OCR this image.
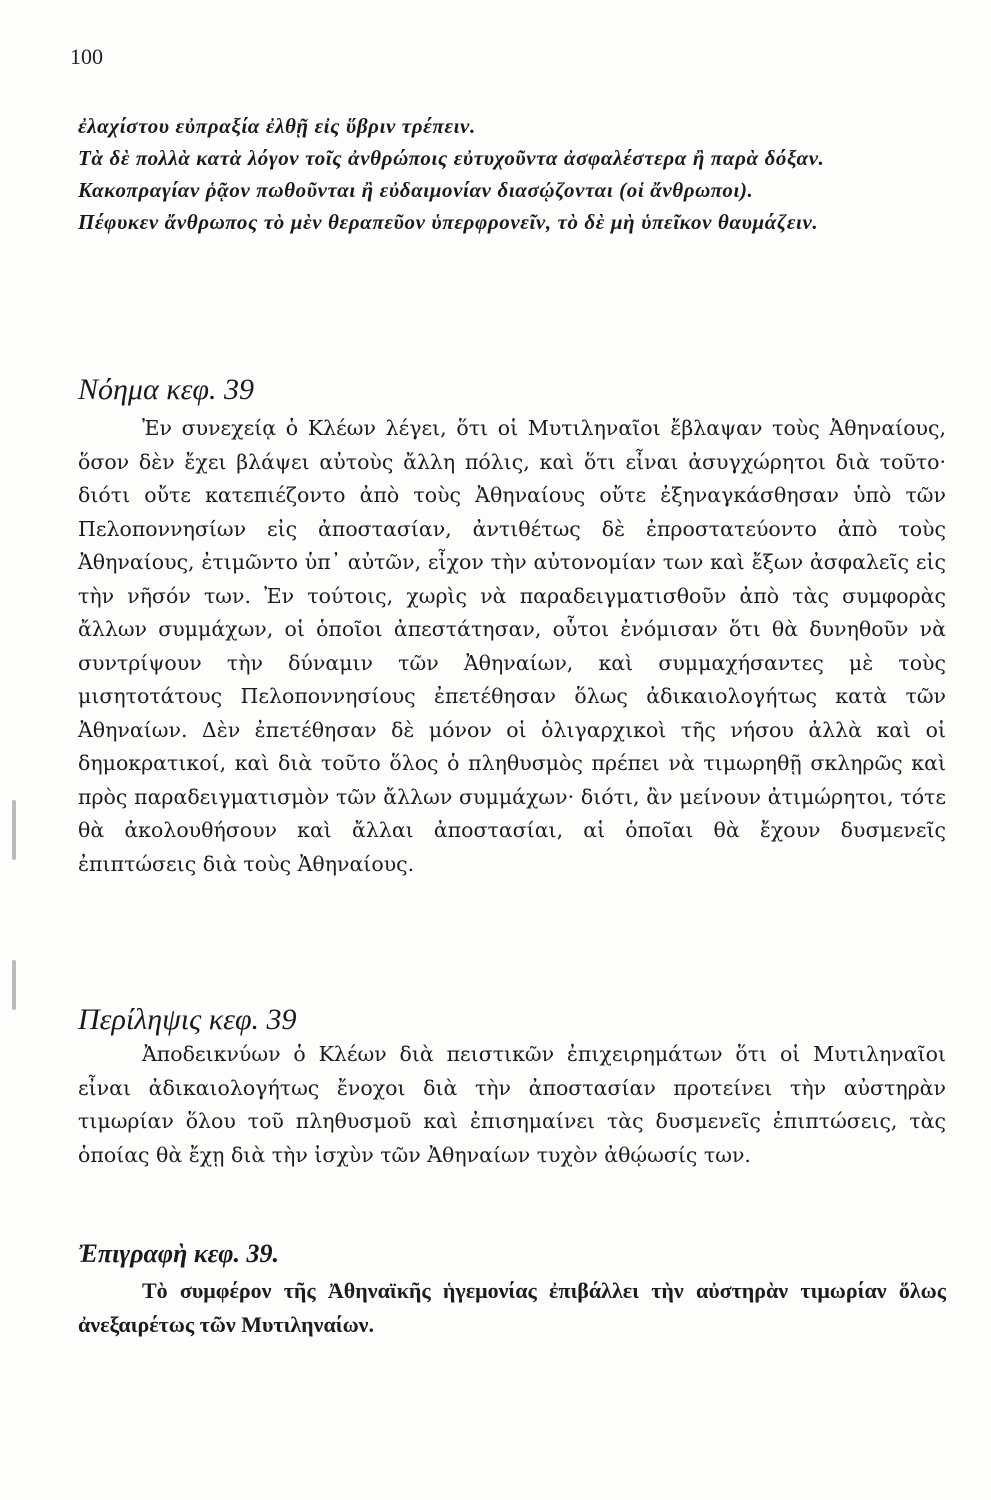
100
ἐλαχίστου εὐπραξία ἐλθῇ εἰς ὕβριν τρέπειν.
Τὰ δὲ πολλὰ κατὰ λόγον τοῖς ἀνθρώποις εὐτυχοῦντα ἀσφαλέστερα ἢ παρὰ δόξαν.
Κακοπραγίαν ῥᾷον πωθοῦνται ἢ εὐδαιμονίαν διασῴζονται (οἱ ἄνθρωποι).
Πέφυκεν ἄνθρωπος τὸ μὲν θεραπεῦον ὑπερφρονεῖν, τὸ δὲ μὴ ὑπεῖκον θαυμάζειν.
Νόημα κεφ. 39

Ἐν συνεχείᾳ ὁ Κλέων λέγει, ὅτι οἱ Μυτιληναῖοι ἔβλαψαν τοὺς Ἀθηναίους, ὅσον δὲν ἔχει βλάψει αὐτοὺς ἄλλη πόλις, καὶ ὅτι εἶναι ἀσυγχώρητοι διὰ τοῦτο· διότι οὔτε κατεπιέζοντο ἀπὸ τοὺς Ἀθηναίους οὔτε ἐξηναγκάσθησαν ὑπὸ τῶν Πελοποννησίων εἰς ἀποστασίαν, ἀντιθέτως δὲ ἐπροστατεύοντο ἀπὸ τοὺς Ἀθηναίους, ἐτιμῶντο ὑπ᾽ αὐτῶν, εἶχον τὴν αὐτονομίαν των καὶ ἔξων ἀσφαλεῖς εἰς τὴν νῆσόν των. Ἐν τούτοις, χωρὶς νὰ παραδειγματισθοῦν ἀπὸ τὰς συμφορὰς ἄλλων συμμάχων, οἱ ὁποῖοι ἀπεστάτησαν, οὗτοι ἐνόμισαν ὅτι θὰ δυνηθοῦν νὰ συντρίψουν τὴν δύναμιν τῶν Ἀθηναίων, καὶ συμμαχήσαντες μὲ τοὺς μισητοτάτους Πελοποννησίους ἐπετέθησαν ὅλως ἀδικαιολογήτως κατὰ τῶν Ἀθηναίων. Δὲν ἐπετέθησαν δὲ μόνον οἱ ὀλιγαρχικοὶ τῆς νήσου ἀλλὰ καὶ οἱ δημοκρατικοί, καὶ διὰ τοῦτο ὅλος ὁ πληθυσμὸς πρέπει νὰ τιμωρηθῇ σκληρῶς καὶ πρὸς παραδειγματισμὸν τῶν ἄλλων συμμάχων· διότι, ἂν μείνουν ἀτιμώρητοι, τότε θὰ ἀκολουθήσουν καὶ ἄλλαι ἀποστασίαι, αἱ ὁποῖαι θὰ ἔχουν δυσμενεῖς ἐπιπτώσεις διὰ τοὺς Ἀθηναίους.

Περίληψις κεφ. 39

Ἀποδεικνύων ὁ Κλέων διὰ πειστικῶν ἐπιχειρημάτων ὅτι οἱ Μυτιληναῖοι εἶναι ἀδικαιολογήτως ἔνοχοι διὰ τὴν ἀποστασίαν προτείνει τὴν αὐστηρὰν τιμωρίαν ὅλου τοῦ πληθυσμοῦ καὶ ἐπισημαίνει τὰς δυσμενεῖς ἐπιπτώσεις, τὰς ὁποίας θὰ ἔχῃ διὰ τὴν ἰσχὺν τῶν Ἀθηναίων τυχὸν ἀθῴωσίς των.

Ἐπιγραφὴ κεφ. 39.

Τὸ συμφέρον τῆς Ἀθηναϊκῆς ἡγεμονίας ἐπιβάλλει τὴν αὐστηρὰν τιμωρίαν ὅλως ἀνεξαιρέτως τῶν Μυτιληναίων.
